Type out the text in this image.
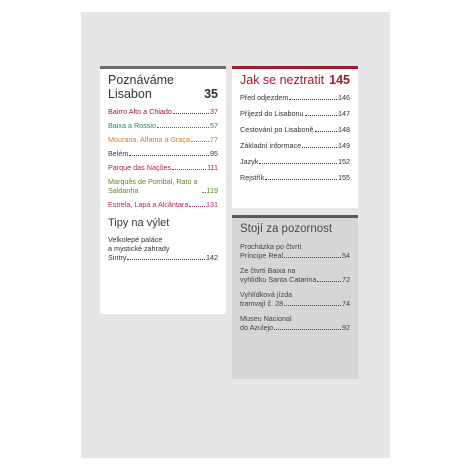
Poznáváme Lisabon	35
Bairro Alto a Chiado	37
Baixa a Rossio	57
Mouraria, Alfama a Graça	77
Belém	95
Parque das Nações	111
Marquês de Pombal, Rato a Saldanha	119
Estrela, Lapa a Alcântara 131
Tipy na výlet
Velkolepé paláce
a mystické zahrady
Sintry	142
Jak se neztratit 145
Před odjezdem	146
Příjezd do Lisabonu	147
Cestování po Lisaboně	148
Základní informace	149
Jazyk	152
Rejstřík	155
Stojí za pozornost
Procházka po čtvrti
Príncipe Real	54
Ze čtvrti Baixa na
vyhlídku Santa Catarina	72
Vyhlídková jízda
tramvají č. 28	74
Museu Nacional
do Azulejo	92
